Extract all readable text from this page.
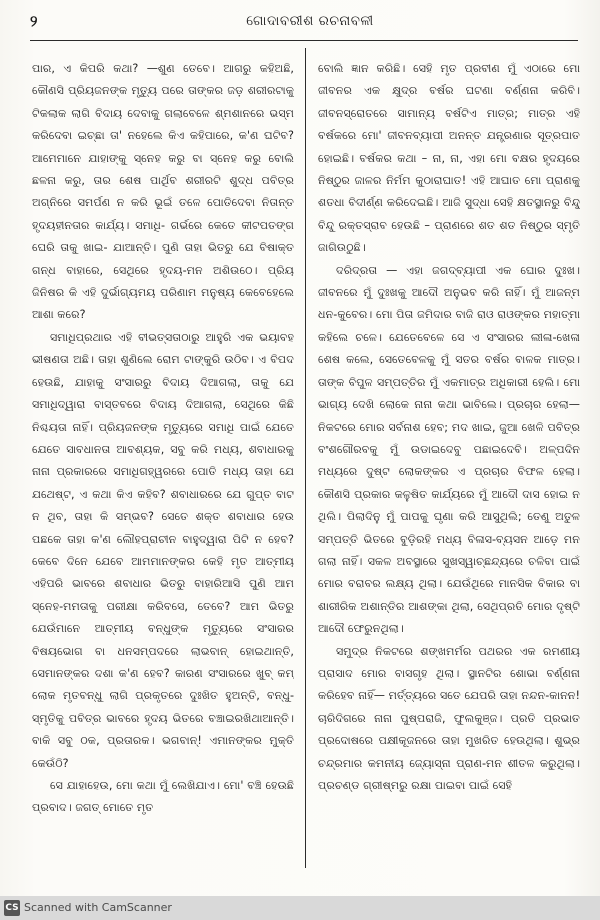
୨	ଗୋଦାବରୀଶ ରଚନାବଳୀ

ପାର, ଏ କିପରି କଥା? —ଶୁଣ ତେବେ। ଆଗରୁ କହିଅଛି, କୌଣସି ପ୍ରିୟଜନଙ୍କ ମୃତ୍ୟୁ ପରେ ତାଙ୍କର ଜଡ଼ ଶରୀରଟାକୁ ଟିକଲାକ ଲାଗି ବିଦାୟ ଦେବାକୁ ଗଲାବେଳେ ଶ୍ମଶାନରେ ଭସ୍ମ କରିଦେବା ଇଚ୍ଛା ତା' ନହେଲେ କିଏ କହିପାରେ, କ'ଣ ଘଟିବ? ଆମେମାନେ ଯାହାଙ୍କୁ ସ୍ନେହ କରୁ ବା ସ୍ନେହ କରୁ ବୋଲି ଛଳନା କରୁ, ତାର ଶେଷ ପାର୍ଥିବ ଶରୀରଟି ଶୁଦ୍ଧ ପବିତ୍ର ଅଗ୍ନିରେ ସମର୍ପଣ ନ କରି ଭୂଇଁ ତଳେ ପୋତିଦେବା ନିତାନ୍ତ ହୃଦୟହୀନତାର କାର୍ଯ୍ୟ। ସମାଧି- ଗର୍ଭରେ କେତେ କୀଟପତଙ୍ଗ ଘେରି ତାକୁ ଖାଇ- ଯାଆନ୍ତି। ପୁଣି ତାହା ଭିତରୁ ଯେ ବିଷାକ୍ତ ଗନ୍ଧ ବାହାରେ, ସେଥିରେ ହୃଦୟ-ମନ ଅଶିଉଠେ। ପ୍ରିୟ ଜିନିଷର କି ଏହି ଦୁର୍ଭାଗ୍ୟମୟ ପରିଣାମ ମନୁଷ୍ୟ କେବେହେଲେ ଆଶା କରେ?

ସମାଧିପ୍ରଥାର ଏହି ବୀଭତ୍ସତାଠାରୁ ଆହୁରି ଏକ ଭୟାବହ ଭୀଷଣତା ଅଛି। ତାହା ଶୁଣିଲେ ରୋମ ଟାଙ୍କୁରି ଉଠିବ। ଏ ବିପଦ ହେଉଛି, ଯାହାକୁ ସଂସାରରୁ ବିଦାୟ ଦିଆଗଲା, ତାକୁ ଯେ ସମାଧିଦ୍ୱାରା ବାସ୍ତବରେ ବିଦାୟ ଦିଆଗଲା, ସେଥିରେ କିଛି ନିଶ୍ଚୟତା ନାହିଁ। ପ୍ରିୟଜନଙ୍କ ମୃତ୍ୟୁରେ ସମାଧି ପାଇଁ ଯେତେ ଯେତେ ସାବଧାନତା ଆବଶ୍ୟକ, ସବୁ କରି ମଧ୍ୟ, ଶବାଧାରକୁ ନାନା ପ୍ରକାରରେ ସମାଧିଗହ୍ୱରରେ ପୋତି ମଧ୍ୟ ତାହା ଯେ ଯଥେଷ୍ଟ, ଏ କଥା କିଏ କହିବ? ଶବାଧାରରେ ଯେ ଗୁପ୍ତ ବାଟ ନ ଥିବ, ତାହା କି ସମ୍ଭବ? ସେତେ ଶକ୍ତ ଶବାଧାର ହେଉ ପଛକେ ତାହା କ'ଣ ଲୌହପ୍ରାଚୀନ ବାହୁଦ୍ୱାରା ପିଟି ନ ହେବ? କେବେ ଦିନେ ଯେବେ ଆମମାନଙ୍କର କେହି ମୃତ ଆତ୍ମୀୟ ଏହିପରି ଭାବରେ ଶବାଧାର ଭିତରୁ ବାହାରିଆସି ପୁଣି ଆମ ସ୍ନେହ-ମମତାକୁ ପରୀକ୍ଷା କରିବସେ, ତେବେ? ଆମ ଭିତରୁ ଯେଉଁମାନେ ଆତ୍ମୀୟ ବନ୍ଧୁଙ୍କ ମୃତ୍ୟୁରେ ସଂସାରର ବିଷୟଭୋଗ ବା ଧନସମ୍ପଦରେ ଲାଭବାନ୍ ହୋଇଥାନ୍ତି, ସେମାନଙ୍କର ଦଶା କ'ଣ ହେବ? କାରଣ ସଂସାରରେ ଖୁବ୍ କମ୍ ଲୋକ ମୃତବନ୍ଧୁ ଲାଗି ପ୍ରକୃତରେ ଦୁଃଖିତ ହୁଅନ୍ତି, ବନ୍ଧୁ-ସ୍ମୃତିକୁ ପବିତ୍ର ଭାବରେ ହୃଦୟ ଭିତରେ ବଞ୍ଚାଇରଖିଥାଆନ୍ତି। ବାକି ସବୁ ଠକ, ପ୍ରତାରକ। ଭଗବାନ୍! ଏମାନଙ୍କର ମୁକ୍ତି କେଉଁଠି?

ସେ ଯାହାହେଉ, ମୋ କଥା ମୁଁ ଲେଖିଯାଏ। ମୋ' ବଞ୍ଚି ହେଉଛି ପ୍ରବାଦ। ଜଗତ୍ ମୋତେ ମୃତ

ବୋଲି ଜ୍ଞାନ କରିଛି। ସେହି ମୃତ ପ୍ରବୀଣ ମୁଁ ଏଠାରେ ମୋ ଜୀବନର ଏକ କ୍ଷୁଦ୍ର ବର୍ଷର ଘଟଣା ବର୍ଣ୍ଣନା କରିବି। ଜୀବନସ୍ରୋତରେ ସାମାନ୍ୟ ବର୍ଷଟିଏ ମାତ୍ର; ମାତ୍ର ଏହି ବର୍ଷକରେ ମୋ' ଜୀବନବ୍ୟାପୀ ଅନନ୍ତ ଯନ୍ତ୍ରଣାର ସୂତ୍ରପାତ ହୋଇଛି। ବର୍ଷକର କଥା – ନା, ନା, ଏହା ମୋ ବକ୍ଷର ହୃଦୟରେ ନିଷ୍ଠୁର ଜାଳର ନିର୍ମମ କୁଠାରାଘାତ! ଏହି ଆଘାତ ମୋ ପ୍ରାଣକୁ ଶତଧା ବିଦୀର୍ଣ୍ଣ କରିଦେଇଛି। ଆଜି ସୁଦ୍ଧା ସେହି କ୍ଷତସ୍ଥାନରୁ ବିନ୍ଦୁ ବିନ୍ଦୁ ରକ୍ତସ୍ରାବ ହେଉଛି – ପ୍ରାଣରେ ଶତ ଶତ ନିଷ୍ଠୁର ସ୍ମୃତି ଜାଗିଉଠୁଛି।

ଦରିଦ୍ରତା — ଏହା ଜଗଦ୍‌ବ୍ୟାପୀ ଏକ ଘୋର ଦୁଃଖ। ଜୀବନରେ ମୁଁ ଦୁଃଖକୁ ଆଦୌ ଅନୁଭବ କରି ନାହିଁ। ମୁଁ ଆଜନ୍ମ ଧନ-କୁବେର। ମୋ ପିତା ଜମିଦାର ବାଜି ରାଓ ରାଓଙ୍କର ମହାତ୍ମା କହିଲେ ଚଳେ। ଯେତେବେଳେ ସେ ଏ ସଂସାରର ଲୀଳା-ଖେଳା ଶେଷ କଲେ, ସେତେବେଳକୁ ମୁଁ ସତର ବର୍ଷର ବାଳକ ମାତ୍ର। ତାଙ୍କ ବିପୁଳ ସମ୍ପତ୍ତିର ମୁଁ ଏକମାତ୍ର ଅଧିକାରୀ ହେଲି। ମୋ ଭାଗ୍ୟ ଦେଖି ଲୋକେ ନାନା କଥା ଭାବିଲେ। ପ୍ରଚାର ହେଲା— ନିକଟରେ ମୋର ସର୍ବନାଶ ହେବ; ମଦ ଖାଇ, ଜୁଆ ଖେଳି ପବିତ୍ର ବଂଶଗୌରବକୁ ମୁଁ ଉଡାଇଦେବୁ ପଛାଇଦେବି। ଅଳ୍ପଦିନ ମଧ୍ୟରେ ଦୁଷ୍ଟ ଲୋକଙ୍କର ଏ ପ୍ରଚାର ବିଫଳ ହେଲା। କୌଣସି ପ୍ରକାର କଳୁଷିତ କାର୍ଯ୍ୟରେ ମୁଁ ଆଦୌ ଦାସ ହୋଇ ନ ଥିଲି। ପିଲାଦିନୁ ମୁଁ ପାପକୁ ଘୃଣା କରି ଆସୁଥିଲି; ତେଣୁ ଅତୁଳ ସମ୍ପତ୍ତି ଭିତରେ ବୁଡ଼ିରହି ମଧ୍ୟ ବିଳାସ-ବ୍ୟସନ ଆଡ଼େ ମନ ଗଲା ନାହିଁ। ସକଳ ଅବସ୍ଥାରେ ସୁଖସ୍ୱାଚ୍ଛନ୍ଦ୍ୟରେ ଚଳିବା ପାଇଁ ମୋର ବରାବର ଲକ୍ଷ୍ୟ ଥିଲା। ଯେଉଁଥିରେ ମାନସିକ ବିକାର ବା ଶାରୀରିକ ଅଶାନ୍ତିର ଆଶଙ୍କା ଥିଲା, ସେଥିପ୍ରତି ମୋର ଦୃଷ୍ଟି ଆଦୌ ଫେରୁନଥିଲା।

ସମୁଦ୍ର ନିକଟରେ ଶଙ୍ଖମର୍ମର ପଥରର ଏକ ରମଣୀୟ ପ୍ରାସାଦ ମୋର ବାସଗୃହ ଥିଲା। ସ୍ଥାନଟିର ଶୋଭା ବର୍ଣ୍ଣନା କରିହେବ ନାହିଁ— ମର୍ତ୍ତ୍ୟରେ ସତେ ଯେପରି ତାହା ନନ୍ଦନ-କାନନ! ଚାରିଦିଗରେ ନାନା ପୁଷ୍ପରାଜି, ଫୁଲକୁଞ୍ଜ। ପ୍ରତି ପ୍ରଭାତ ପ୍ରଦୋଷରେ ପକ୍ଷୀକୂଜନରେ ତାହା ମୁଖରିତ ହେଉଥିଲା। ଶୁଭ୍ର ଚନ୍ଦ୍ରମାର କମନୀୟ ଜ୍ୟୋସ୍ନା ପ୍ରାଣ-ମନ ଶୀତଳ କରୁଥିଲା। ପ୍ରଚଣ୍ଡ ଗ୍ରୀଷ୍ମରୁ ରକ୍ଷା ପାଇବା ପାଇଁ ସେହି

CS Scanned with CamScanner
